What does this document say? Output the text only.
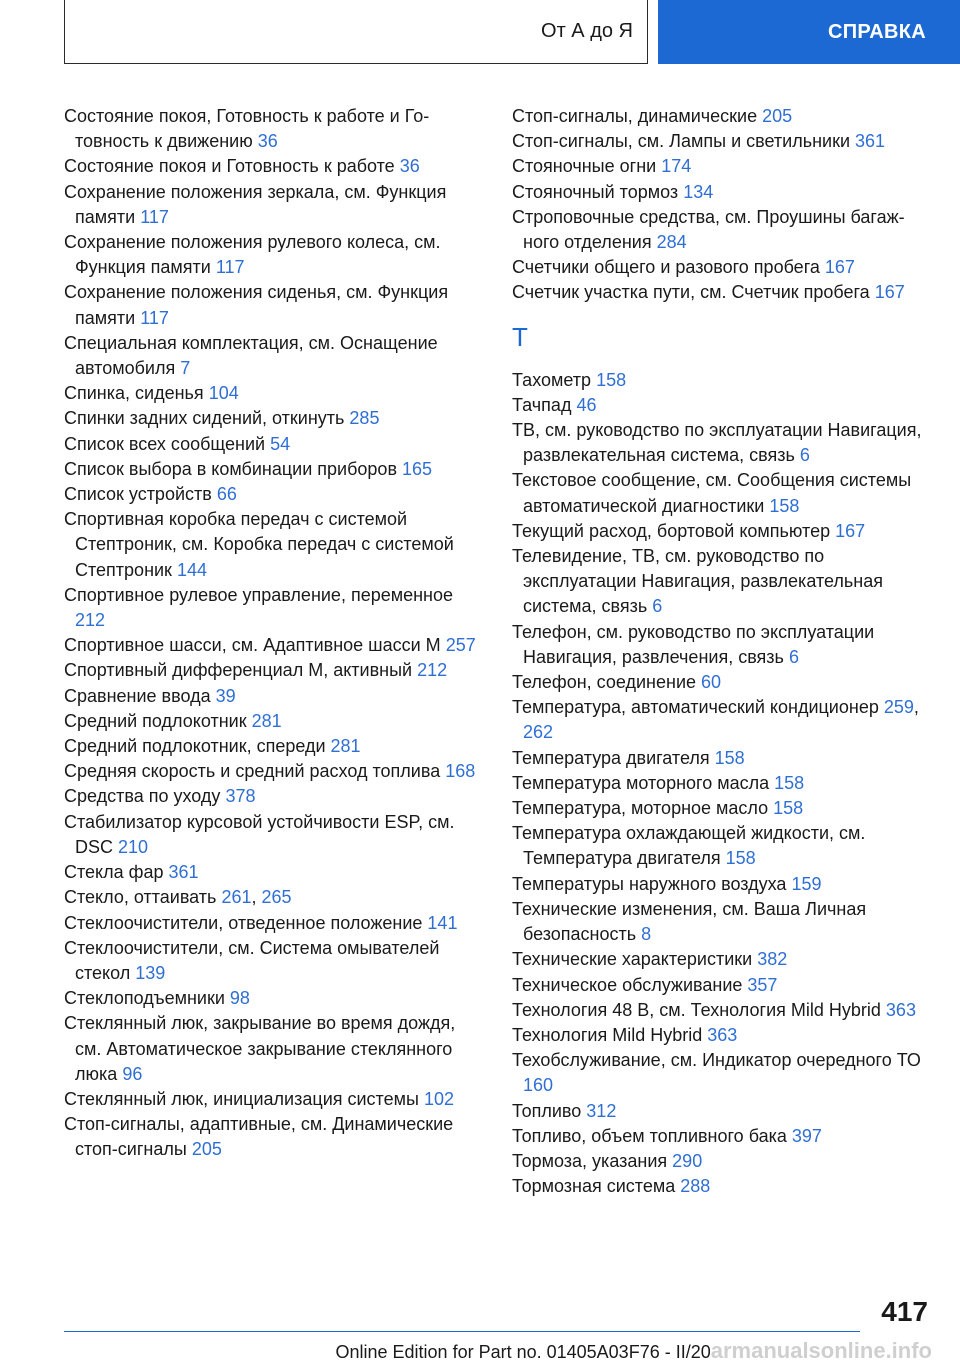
От А до Я	СПРАВКА
Состояние покоя, Готовность к работе и Готовность к движению 36
Состояние покоя и Готовность к работе 36
Сохранение положения зеркала, см. Функция памяти 117
Сохранение положения рулевого колеса, см. Функция памяти 117
Сохранение положения сиденья, см. Функция памяти 117
Специальная комплектация, см. Оснащение автомобиля 7
Спинка, сиденья 104
Спинки задних сидений, откинуть 285
Список всех сообщений 54
Список выбора в комбинации приборов 165
Список устройств 66
Спортивная коробка передач с системой Стептроник, см. Коробка передач с системой Стептроник 144
Спортивное рулевое управление, переменное 212
Спортивное шасси, см. Адаптивное шасси M 257
Спортивный дифференциал M, активный 212
Сравнение ввода 39
Средний подлокотник 281
Средний подлокотник, спереди 281
Средняя скорость и средний расход топлива 168
Средства по уходу 378
Стабилизатор курсовой устойчивости ESP, см. DSC 210
Стекла фар 361
Стекло, оттаивать 261, 265
Стеклоочистители, отведенное положение 141
Стеклоочистители, см. Система омывателей стекол 139
Стеклоподъемники 98
Стеклянный люк, закрывание во время дождя, см. Автоматическое закрывание стеклянного люка 96
Стеклянный люк, инициализация системы 102
Стоп-сигналы, адаптивные, см. Динамические стоп-сигналы 205
Стоп-сигналы, динамические 205
Стоп-сигналы, см. Лампы и светильники 361
Стояночные огни 174
Стояночный тормоз 134
Строповочные средства, см. Проушины багажного отделения 284
Счетчики общего и разового пробега 167
Счетчик участка пути, см. Счетчик пробега 167
Т
Тахометр 158
Тачпад 46
ТВ, см. руководство по эксплуатации Навигация, развлекательная система, связь 6
Текстовое сообщение, см. Сообщения системы автоматической диагностики 158
Текущий расход, бортовой компьютер 167
Телевидение, ТВ, см. руководство по эксплуатации Навигация, развлекательная система, связь 6
Телефон, см. руководство по эксплуатации Навигация, развлечения, связь 6
Телефон, соединение 60
Температура, автоматический кондиционер 259, 262
Температура двигателя 158
Температура моторного масла 158
Температура, моторное масло 158
Температура охлаждающей жидкости, см. Температура двигателя 158
Температуры наружного воздуха 159
Технические изменения, см. Ваша Личная безопасность 8
Технические характеристики 382
Техническое обслуживание 357
Технология 48 В, см. Технология Mild Hybrid 363
Технология Mild Hybrid 363
Техобслуживание, см. Индикатор очередного ТО 160
Топливо 312
Топливо, объем топливного бака 397
Тормоза, указания 290
Тормозная система 288
417
Online Edition for Part no. 01405A03F76 - II/20armanualsonline.info
